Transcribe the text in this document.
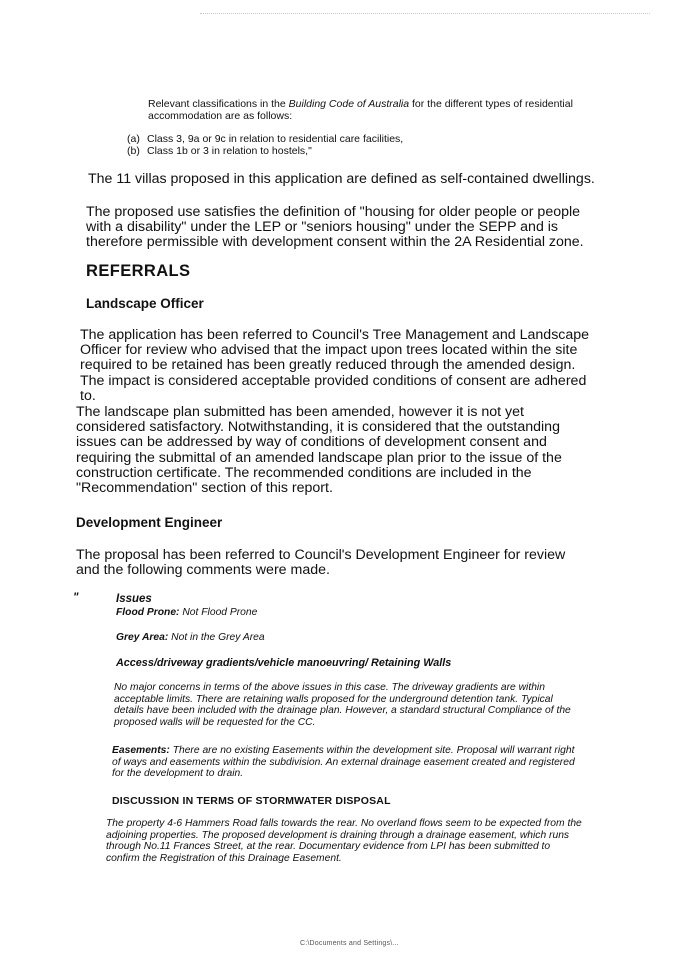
Relevant classifications in the Building Code of Australia for the different types of residential accommodation are as follows:

(a) Class 3, 9a or 9c in relation to residential care facilities,

(b) Class 1b or 3 in relation to hostels,"

The 11 villas proposed in this application are defined as self-contained dwellings.

The proposed use satisfies the definition of "housing for older people or people with a disability" under the LEP or "seniors housing" under the SEPP and is therefore permissible with development consent within the 2A Residential zone.

REFERRALS

Landscape Officer

The application has been referred to Council's Tree Management and Landscape Officer for review who advised that the impact upon trees located within the site required to be retained has been greatly reduced through the amended design. The impact is considered acceptable provided conditions of consent are adhered to.

The landscape plan submitted has been amended, however it is not yet considered satisfactory. Notwithstanding, it is considered that the outstanding issues can be addressed by way of conditions of development consent and requiring the submittal of an amended landscape plan prior to the issue of the construction certificate. The recommended conditions are included in the "Recommendation" section of this report.

Development Engineer

The proposal has been referred to Council's Development Engineer for review and the following comments were made.

"	Issues

Flood Prone: Not Flood Prone

Grey Area: Not in the Grey Area

Access/driveway gradients/vehicle manoeuvring/ Retaining Walls

No major concerns in terms of the above issues in this case. The driveway gradients are within acceptable limits. There are retaining walls proposed for the underground detention tank. Typical details have been included with the drainage plan. However, a standard structural Compliance of the proposed walls will be requested for the CC.

Easements: There are no existing Easements within the development site. Proposal will warrant right of ways and easements within the subdivision. An external drainage easement created and registered for the development to drain.

DISCUSSION IN TERMS OF STORMWATER DISPOSAL

The property 4-6 Hammers Road falls towards the rear. No overland flows seem to be expected from the adjoining properties. The proposed development is draining through a drainage easement, which runs through No.11 Frances Street, at the rear. Documentary evidence from LPI has been submitted to confirm the Registration of this Drainage Easement.

C:\Documents and Settings\...
